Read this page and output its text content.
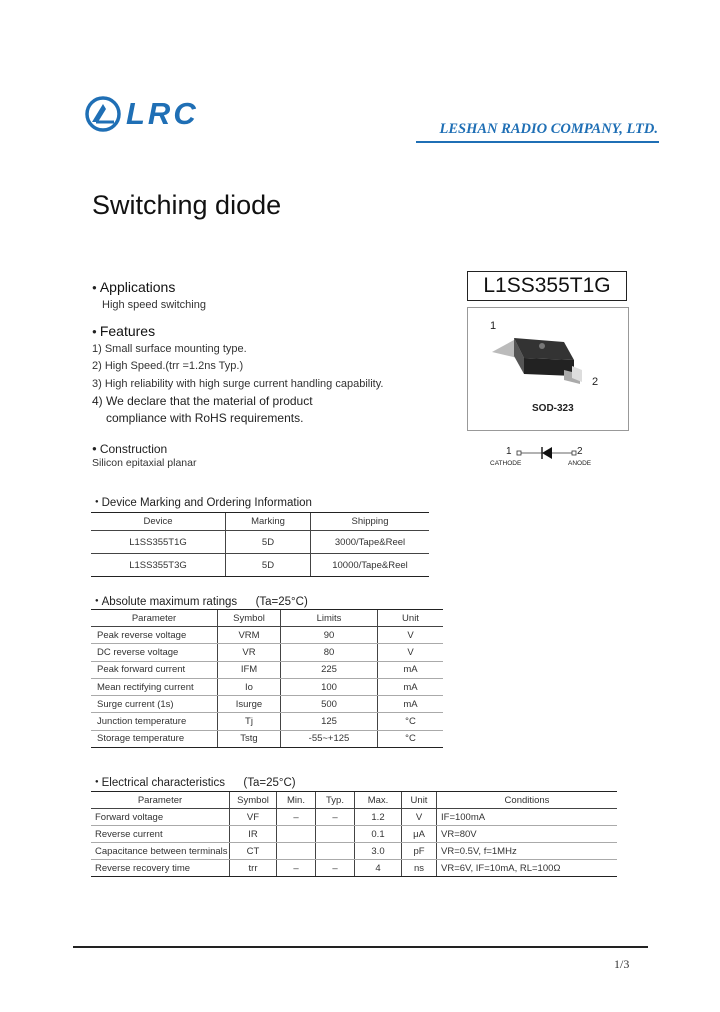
LRC	LESHAN RADIO COMPANY, LTD.
Switching diode
● Applications
High speed switching
● Features
1) Small surface mounting type.
2) High Speed.(trr =1.2ns Typ.)
3) High reliability with high surge current handling capability.
4) We declare that the material of product
compliance with RoHS requirements.
● Construction
Silicon epitaxial planar
L1SS355T1G
1
2
SOD-323
1	2
CATHODE	ANODE
● Device Marking and Ordering Information
Device	Marking	Shipping
L1SS355T1G	5D	3000/Tape&Reel
L1SS355T3G	5D	10000/Tape&Reel
● Absolute maximum ratings (Ta=25°C)
Parameter	Symbol	Limits	Unit
Peak reverse voltage	VRM	90	V
DC reverse voltage	VR	80	V
Peak forward current	IFM	225	mA
Mean rectifying current	Io	100	mA
Surge current (1s)	Isurge	500	mA
Junction temperature	Tj	125	°C
Storage temperature	Tstg	-55~+125	°C
● Electrical characteristics (Ta=25°C)
Parameter	Symbol	Min.	Typ.	Max.	Unit	Conditions
Forward voltage	VF	–	–	1.2	V	IF=100mA
Reverse current	IR			0.1	μA	VR=80V
Capacitance between terminals	CT			3.0	pF	VR=0.5V, f=1MHz
Reverse recovery time	trr	–	–	4	ns	VR=6V, IF=10mA, RL=100Ω
1/3
